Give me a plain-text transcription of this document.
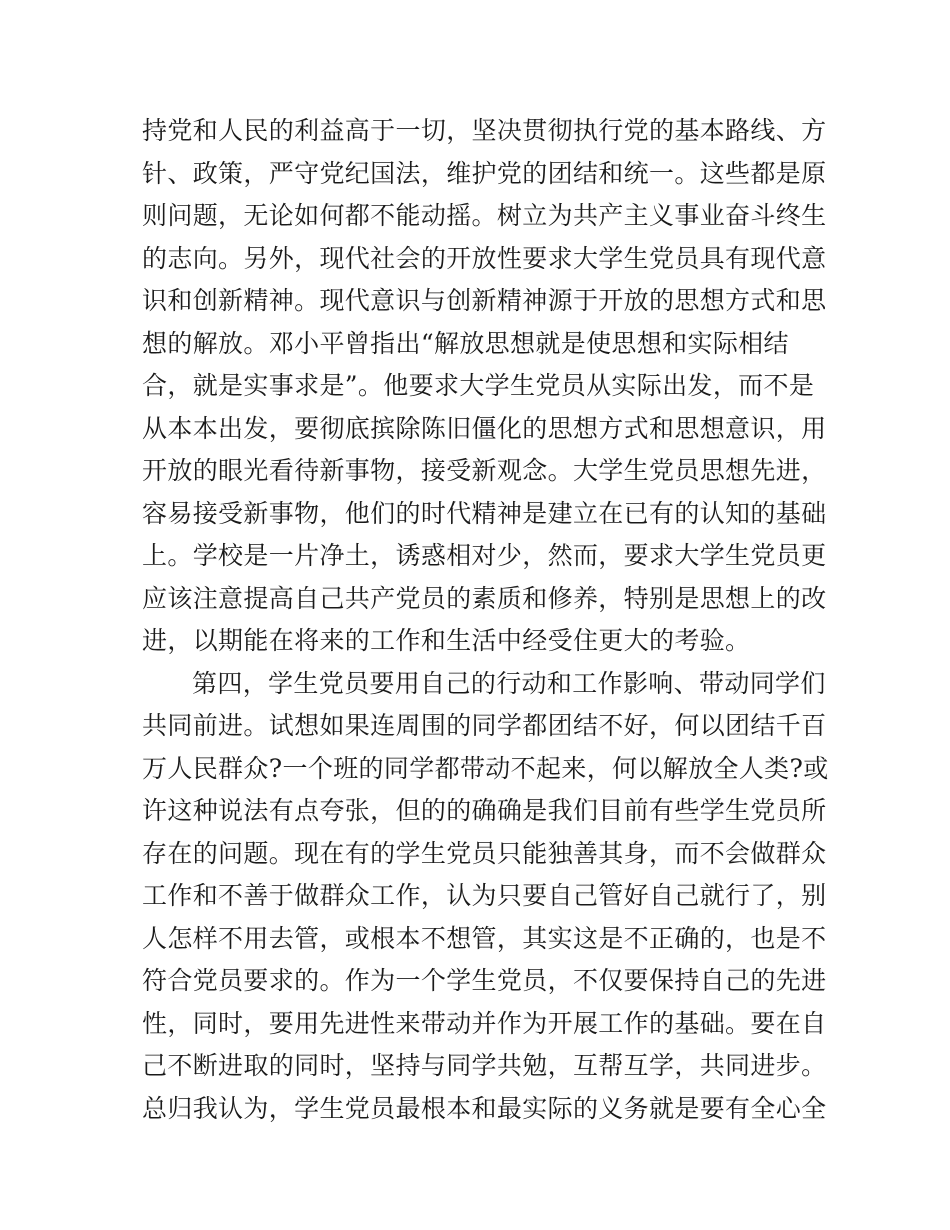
持党和人民的利益高于一切，坚决贯彻执行党的基本路线、方
针、政策，严守党纪国法，维护党的团结和统一。这些都是原
则问题，无论如何都不能动摇。树立为共产主义事业奋斗终生
的志向。另外，现代社会的开放性要求大学生党员具有现代意
识和创新精神。现代意识与创新精神源于开放的思想方式和思
想的解放。邓小平曾指出“解放思想就是使思想和实际相结
合，就是实事求是”。他要求大学生党员从实际出发，而不是
从本本出发，要彻底摈除陈旧僵化的思想方式和思想意识，用
开放的眼光看待新事物，接受新观念。大学生党员思想先进，
容易接受新事物，他们的时代精神是建立在已有的认知的基础
上。学校是一片净土，诱惑相对少，然而，要求大学生党员更
应该注意提高自己共产党员的素质和修养，特别是思想上的改
进，以期能在将来的工作和生活中经受住更大的考验。
第四，学生党员要用自己的行动和工作影响、带动同学们
共同前进。试想如果连周围的同学都团结不好，何以团结千百
万人民群众?一个班的同学都带动不起来，何以解放全人类?或
许这种说法有点夸张，但的的确确是我们目前有些学生党员所
存在的问题。现在有的学生党员只能独善其身，而不会做群众
工作和不善于做群众工作，认为只要自己管好自己就行了，别
人怎样不用去管，或根本不想管，其实这是不正确的，也是不
符合党员要求的。作为一个学生党员，不仅要保持自己的先进
性，同时，要用先进性来带动并作为开展工作的基础。要在自
己不断进取的同时，坚持与同学共勉，互帮互学，共同进步。
总归我认为，学生党员最根本和最实际的义务就是要有全心全
